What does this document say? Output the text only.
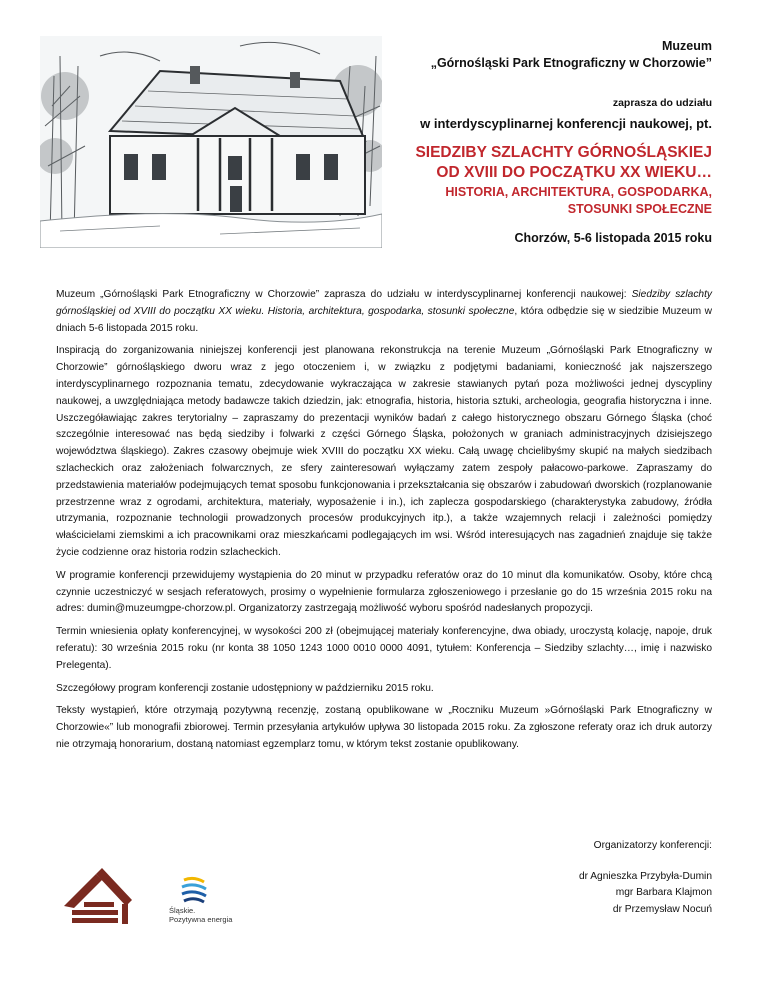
Muzeum
„Górnośląski Park Etnograficzny w Chorzowie”
zaprasza do udziału
w interdyscyplinarnej konferencji naukowej, pt.
SIEDZIBY SZLACHTY GÓRNOŚLĄSKIEJ
OD XVIII DO POCZĄTKU XX WIEKU…
HISTORIA, ARCHITEKTURA, GOSPODARKA,
STOSUNKI SPOŁECZNE
Chorzów, 5-6 listopada 2015 roku

Muzeum „Górnośląski Park Etnograficzny w Chorzowie” zaprasza do udziału w interdyscyplinarnej konferencji naukowej: Siedziby szlachty górnośląskiej od XVIII do początku XX wieku. Historia, architektura, gospodarka, stosunki społeczne, która odbędzie się w siedzibie Muzeum w dniach 5-6 listopada 2015 roku.

Inspiracją do zorganizowania niniejszej konferencji jest planowana rekonstrukcja na terenie Muzeum „Górnośląski Park Etnograficzny w Chorzowie” górnośląskiego dworu wraz z jego otoczeniem i, w związku z podjętymi badaniami, konieczność jak najszerszego interdyscyplinarnego rozpoznania tematu, zdecydowanie wykraczająca w zakresie stawianych pytań poza możliwości jednej dyscypliny naukowej, a uwzględniająca metody badawcze takich dziedzin, jak: etnografia, historia, historia sztuki, archeologia, geografia historyczna i inne. Uszczegóławiając zakres terytorialny – zapraszamy do prezentacji wyników badań z całego historycznego obszaru Górnego Śląska (choć szczególnie interesować nas będą siedziby i folwarki z części Górnego Śląska, położonych w graniach administracyjnych dzisiejszego województwa śląskiego). Zakres czasowy obejmuje wiek XVIII do początku XX wieku. Całą uwagę chcielibyśmy skupić na małych siedzibach szlacheckich oraz założeniach folwarcznych, ze sfery zainteresowań wyłączamy zatem zespoły pałacowo-parkowe. Zapraszamy do przedstawienia materiałów podejmujących temat sposobu funkcjonowania i przekształcania się obszarów i zabudowań dworskich (rozplanowanie przestrzenne wraz z ogrodami, architektura, materiały, wyposażenie i in.), ich zaplecza gospodarskiego (charakterystyka zabudowy, źródła utrzymania, rozpoznanie technologii prowadzonych procesów produkcyjnych itp.), a także wzajemnych relacji i zależności pomiędzy właścicielami ziemskimi a ich pracownikami oraz mieszkańcami podlegających im wsi. Wśród interesujących nas zagadnień znajduje się także życie codzienne oraz historia rodzin szlacheckich.

W programie konferencji przewidujemy wystąpienia do 20 minut w przypadku referatów oraz do 10 minut dla komunikatów. Osoby, które chcą czynnie uczestniczyć w sesjach referatowych, prosimy o wypełnienie formularza zgłoszeniowego i przesłanie go do 15 września 2015 roku na adres: dumin@muzeumgpe-chorzow.pl. Organizatorzy zastrzegają możliwość wyboru spośród nadesłanych propozycji.

Termin wniesienia opłaty konferencyjnej, w wysokości 200 zł (obejmującej materiały konferencyjne, dwa obiady, uroczystą kolację, napoje, druk referatu): 30 września 2015 roku (nr konta 38 1050 1243 1000 0010 0000 4091, tytułem: Konferencja – Siedziby szlachty…, imię i nazwisko Prelegenta).

Szczegółowy program konferencji zostanie udostępniony w październiku 2015 roku.

Teksty wystąpień, które otrzymają pozytywną recenzję, zostaną opublikowane w „Roczniku Muzeum »Górnośląski Park Etnograficzny w Chorzowie«” lub monografii zbiorowej. Termin przesyłania artykułów upływa 30 listopada 2015 roku. Za zgłoszone referaty oraz ich druk autorzy nie otrzymają honorarium, dostaną natomiast egzemplarz tomu, w którym tekst zostanie opublikowany.

Organizatorzy konferencji:
dr Agnieszka Przybyła-Dumin
mgr Barbara Klajmon
dr Przemysław Nocuń
Śląskie.
Pozytywna energia
